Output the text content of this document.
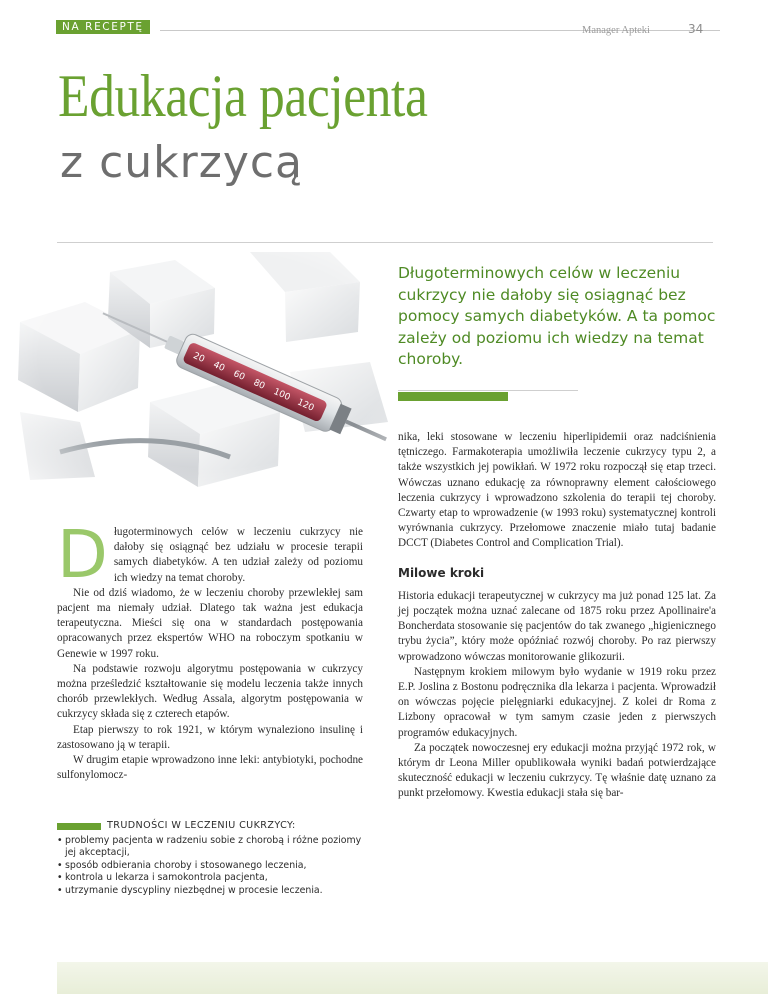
NA RECEPTĘ	Manager Apteki	34
Edukacja pacjenta
z cukrzycą
Długoterminowych celów w leczeniu cukrzycy nie dałoby się osiągnąć bez pomocy samych diabetyków. A ta pomoc zależy od poziomu ich wiedzy na temat choroby.
D ługoterminowych celów w leczeniu cukrzycy nie dałoby się osiągnąć bez udziału w procesie terapii samych diabetyków. A ten udział zależy od poziomu ich wiedzy na temat choroby.

Nie od dziś wiadomo, że w leczeniu choroby przewlekłej sam pacjent ma niemały udział. Dlatego tak ważna jest edukacja terapeutyczna. Mieści się ona w standardach postępowania opracowanych przez ekspertów WHO na roboczym spotkaniu w Genewie w 1997 roku.

Na podstawie rozwoju algorytmu postępowania w cukrzycy można prześledzić kształtowanie się modelu leczenia także innych chorób przewlekłych. Według Assala, algorytm postępowania w cukrzycy składa się z czterech etapów.

Etap pierwszy to rok 1921, w którym wynaleziono insulinę i zastosowano ją w terapii.

W drugim etapie wprowadzono inne leki: antybiotyki, pochodne sulfonylomocz-

TRUDNOŚCI W LECZENIU CUKRZYCY:
• problemy pacjenta w radzeniu sobie z chorobą i różne poziomy jej akceptacji,
• sposób odbierania choroby i stosowanego leczenia,
• kontrola u lekarza i samokontrola pacjenta,
• utrzymanie dyscypliny niezbędnej w procesie leczenia.

nika, leki stosowane w leczeniu hiperlipidemii oraz nadciśnienia tętniczego. Farmakoterapia umożliwiła leczenie cukrzycy typu 2, a także wszystkich jej powikłań. W 1972 roku rozpoczął się etap trzeci. Wówczas uznano edukację za równoprawny element całościowego leczenia cukrzycy i wprowadzono szkolenia do terapii tej choroby. Czwarty etap to wprowadzenie (w 1993 roku) systematycznej kontroli wyrównania cukrzycy. Przełomowe znaczenie miało tutaj badanie DCCT (Diabetes Control and Complication Trial).

Milowe kroki

Historia edukacji terapeutycznej w cukrzycy ma już ponad 125 lat. Za jej początek można uznać zalecane od 1875 roku przez Apollinaire'a Boncherdata stosowanie się pacjentów do tak zwanego „higienicznego trybu życia”, który może opóźniać rozwój choroby. Po raz pierwszy wprowadzono wówczas monitorowanie glikozurii.

Następnym krokiem milowym było wydanie w 1919 roku przez E.P. Joslina z Bostonu podręcznika dla lekarza i pacjenta. Wprowadził on wówczas pojęcie pielęgniarki edukacyjnej. Z kolei dr Roma z Lizbony opracował w tym samym czasie jeden z pierwszych programów edukacyjnych.

Za początek nowoczesnej ery edukacji można przyjąć 1972 rok, w którym dr Leona Miller opublikowała wyniki badań potwierdzające skuteczność edukacji w leczeniu cukrzycy. Tę właśnie datę uznano za punkt przełomowy. Kwestia edukacji stała się bar-
